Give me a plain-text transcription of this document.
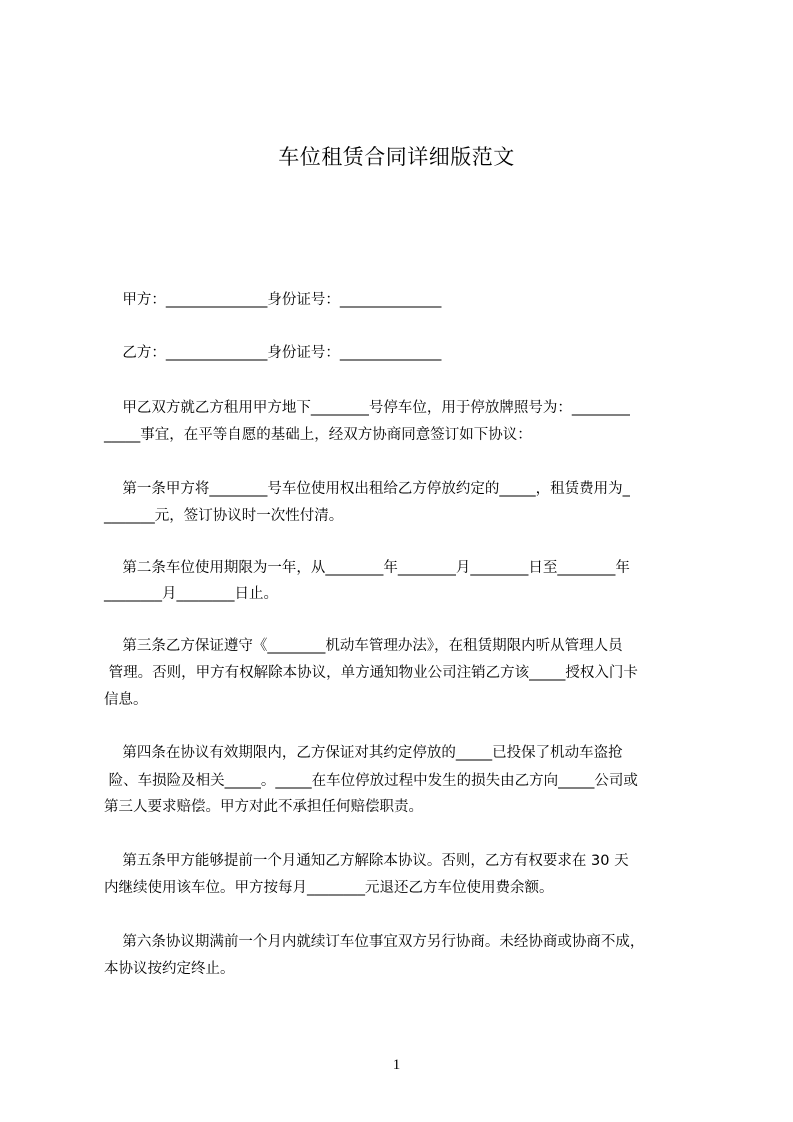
车位租赁合同详细版范文
甲方：______________身份证号：______________
乙方：______________身份证号：______________
甲乙双方就乙方租用甲方地下________号停车位，用于停放牌照号为：________
_____事宜，在平等自愿的基础上，经双方协商同意签订如下协议：
第一条甲方将________号车位使用权出租给乙方停放约定的_____，租赁费用为_
_______元，签订协议时一次性付清。
第二条车位使用期限为一年，从________年________月________日至________年
________月________日止。
第三条乙方保证遵守《________机动车管理办法》，在租赁期限内听从管理人员
管理。否则，甲方有权解除本协议，单方通知物业公司注销乙方该_____授权入门卡
信息。
第四条在协议有效期限内，乙方保证对其约定停放的_____已投保了机动车盗抢
险、车损险及相关_____。_____在车位停放过程中发生的损失由乙方向_____公司或
第三人要求赔偿。甲方对此不承担任何赔偿职责。
第五条甲方能够提前一个月通知乙方解除本协议。否则，乙方有权要求在 30 天
内继续使用该车位。甲方按每月________元退还乙方车位使用费余额。
第六条协议期满前一个月内就续订车位事宜双方另行协商。未经协商或协商不成，
本协议按约定终止。
1
